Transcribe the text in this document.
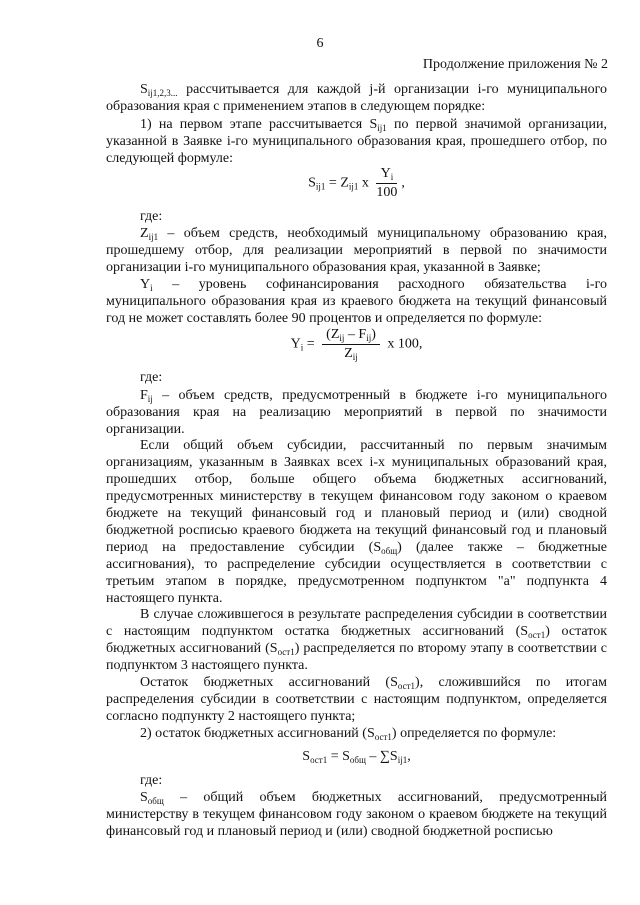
6
Продолжение приложения № 2

$S_{ij1,2,3...}$ рассчитывается для каждой j-й организации i-го муниципального образования края с применением этапов в следующем порядке:

1) на первом этапе рассчитывается $S_{ij1}$ по первой значимой организации, указанной в Заявке i-го муниципального образования края, прошедшего отбор, по следующей формуле:

$S_{ij1} = Z_{ij1}$ x $\frac{Y_i}{100}$ ,

где:

$Z_{ij1}$ – объем средств, необходимый муниципальному образованию края, прошедшему отбор, для реализации мероприятий в первой по значимости организации i-го муниципального образования края, указанной в Заявке;

$Y_i$ – уровень софинансирования расходного обязательства i-го муниципального образования края из краевого бюджета на текущий финансовый год не может составлять более 90 процентов и определяется по формуле:

$Y_i = \frac{(Z_{ij} - F_{ij})}{Z_{ij}}$ x 100,

где:

$F_{ij}$ – объем средств, предусмотренный в бюджете i-го муниципального образования края на реализацию мероприятий в первой по значимости организации.

Если общий объем субсидии, рассчитанный по первым значимым организациям, указанным в Заявках всех i-х муниципальных образований края, прошедших отбор, больше общего объема бюджетных ассигнований, предусмотренных министерству в текущем финансовом году законом о краевом бюджете на текущий финансовый год и плановый период и (или) сводной бюджетной росписью краевого бюджета на текущий финансовый год и плановый период на предоставление субсидии $(S_{общ})$ (далее также – бюджетные ассигнования), то распределение субсидии осуществляется в соответствии с третьим этапом в порядке, предусмотренном подпунктом "а" подпункта 4 настоящего пункта.

В случае сложившегося в результате распределения субсидии в соответствии с настоящим подпунктом остатка бюджетных ассигнований $(S_{ост1})$ остаток бюджетных ассигнований $(S_{ост1})$ распределяется по второму этапу в соответствии с подпунктом 3 настоящего пункта.

Остаток бюджетных ассигнований $(S_{ост1})$, сложившийся по итогам распределения субсидии в соответствии с настоящим подпунктом, определяется согласно подпункту 2 настоящего пункта;

2) остаток бюджетных ассигнований $(S_{ост1})$ определяется по формуле:

$S_{ост1} = S_{общ} - \sum S_{ij1}$,

где:

$S_{общ}$ – общий объем бюджетных ассигнований, предусмотренный министерству в текущем финансовом году законом о краевом бюджете на текущий финансовый год и плановый период и (или) сводной бюджетной росписью
